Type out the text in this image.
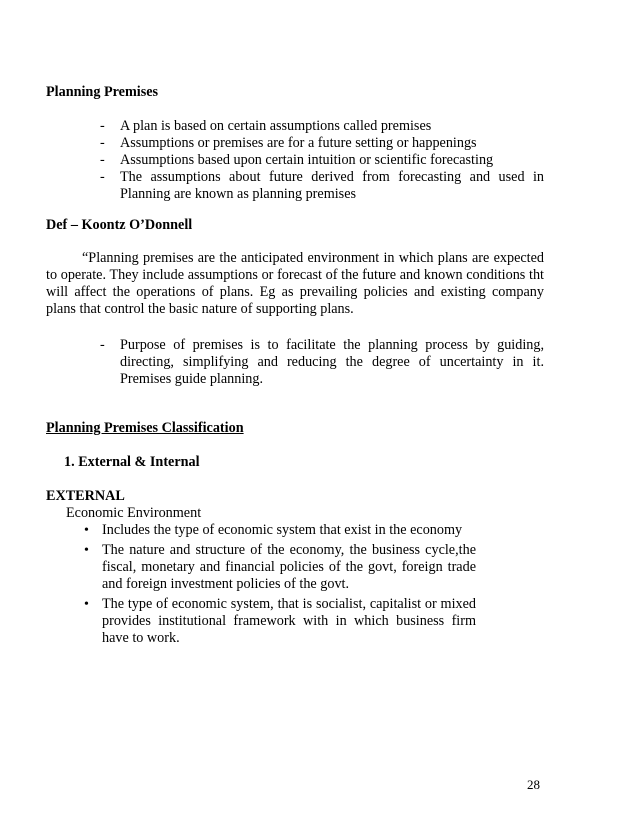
Planning Premises
- A plan is based on certain assumptions called premises
- Assumptions or premises are for a future setting or happenings
- Assumptions based upon certain intuition or scientific forecasting
- The assumptions about future derived from forecasting and used in Planning are known as planning premises
Def – Koontz O’Donnell

“Planning premises are the anticipated environment in which plans are expected to operate. They include assumptions or forecast of the future and known conditions tht will affect the operations of plans. Eg as prevailing policies and existing company plans that control the basic nature of supporting plans.

- Purpose of premises is to facilitate the planning process by guiding, directing, simplifying and reducing the degree of uncertainty in it. Premises guide planning.
Planning Premises Classification

1. External & Internal

EXTERNAL

Economic Environment

• Includes the type of economic system that exist in the economy
• The nature and structure of the economy, the business cycle,the fiscal, monetary and financial policies of the govt, foreign trade and foreign investment policies of the govt.
• The type of economic system, that is socialist, capitalist or mixed provides institutional framework with in which business firm have to work.

28
